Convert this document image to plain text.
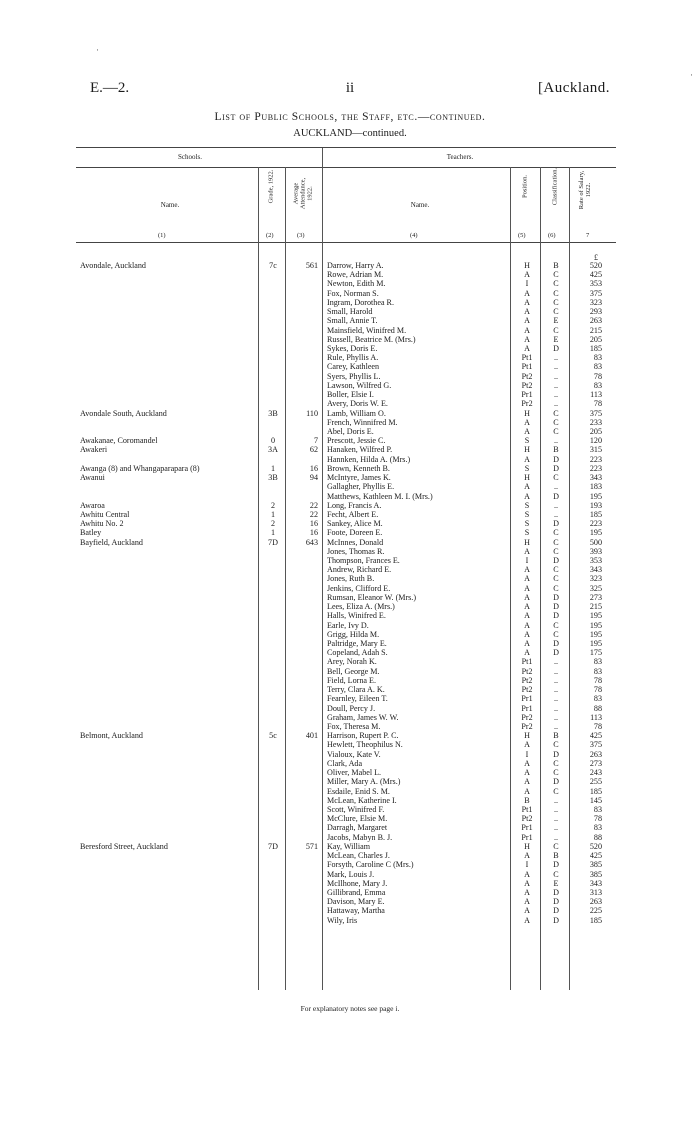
E.—2.	ii	[Auckland.
List of Public Schools, the Staff, etc.—continued.
AUCKLAND—continued.
Schools.	Teachers.
Name.	Name.
Grade, 1922.	Average Attendance, 1922.	Position.	Classification.	Rate of Salary, 1922.
(1)	(2)	(3)	(4)	(5)	(6)	7
£
Avondale, Auckland	7c	561 Darrow, Harry A.	H	B	520
Rowe, Adrian M.	A	C	425
Newton, Edith M.	I	C	353
Fox, Norman S.	A	C	375
Ingram, Dorothea R.	A	C	323
Small, Harold	A	C	293
Small, Annie T.	A	E	263
Mainsfield, Winifred M.	A	C	215
Russell, Beatrice M. (Mrs.)	A	E	205
Sykes, Doris E.	A	D	185
Rule, Phyllis A.	Pt1	..	83
Carey, Kathleen	Pt1	..	83
Syers, Phyllis L.	Pt2	..	78
Lawson, Wilfred G.	Pt2	..	83
Boller, Elsie I.	Pr1	..	113
Avery, Doris W. E.	Pr2	..	78
Avondale South, Auckland	3B	110 Lamb, William O.	H	C	375
French, Winnifred M.	A	C	233
Abel, Doris E.	A	C	205
Awakanae, Coromandel	0	7 Prescott, Jessie C.	S	..	120
Awakeri	3A	62 Hanaken, Wilfred P.	H	B	315
Hannken, Hilda A. (Mrs.)	A	D	223
Awanga (8) and Whangaparapara (8)	1	16 Brown, Kenneth B.	S	D	223
Awanui	3B	94 McIntyre, James K.	H	C	343
Gallagher, Phyllis E.	A	..	183
Matthews, Kathleen M. I. (Mrs.)	A	D	195
Awaroa	2	22 Long, Francis A.	S	..	193
Awhitu Central	1	22 Fecht, Albert E.	S	..	185
Awhitu No. 2	2	16 Sankey, Alice M.	S	D	223
Batley	1	16 Foote, Doreen E.	S	C	195
Bayfield, Auckland	7D	643 McInnes, Donald	H	C	500
Jones, Thomas R.	A	C	393
Thompson, Frances E.	I	D	353
Andrew, Richard E.	A	C	343
Jones, Ruth B.	A	C	323
Jenkins, Clifford E.	A	C	325
Rumsan, Eleanor W. (Mrs.)	A	D	273
Lees, Eliza A. (Mrs.)	A	D	215
Halls, Winifred E.	A	D	195
Earle, Ivy D.	A	C	195
Grigg, Hilda M.	A	C	195
Paltridge, Mary E.	A	D	195
Copeland, Adah S.	A	D	175
Arey, Norah K.	Pt1	..	83
Bell, George M.	Pt2	..	83
Field, Lorna E.	Pt2	..	78
Terry, Clara A. K.	Pt2	..	78
Fearnley, Eileen T.	Pr1	..	83
Doull, Percy J.	Pr1	..	88
Graham, James W. W.	Pr2	..	113
Fox, Theresa M.	Pr2	..	78
Belmont, Auckland	5c	401 Harrison, Rupert P. C.	H	B	425
Hewlett, Theophilus N.	A	C	375
Vialoux, Kate V.	I	D	263
Clark, Ada	A	C	273
Oliver, Mabel L.	A	C	243
Miller, Mary A. (Mrs.)	A	D	255
Esdaile, Enid S. M.	A	C	185
McLean, Katherine I.	B	..	145
Scott, Winifred F.	Pt1	..	83
McClure, Elsie M.	Pt2	..	78
Darragh, Margaret	Pr1	..	83
Jacobs, Mabyn B. J.	Pr1	..	88
Beresford Street, Auckland	7D	571 Kay, William	H	C	520
McLean, Charles J.	A	B	425
Forsyth, Caroline C (Mrs.)	I	D	385
Mark, Louis J.	A	C	385
McIlhone, Mary J.	A	E	343
Gillibrand, Emma	A	D	313
Davison, Mary E.	A	D	263
Hattaway, Martha	A	D	225
Wily, Iris	A	D	185
For explanatory notes see page i.
·
·
